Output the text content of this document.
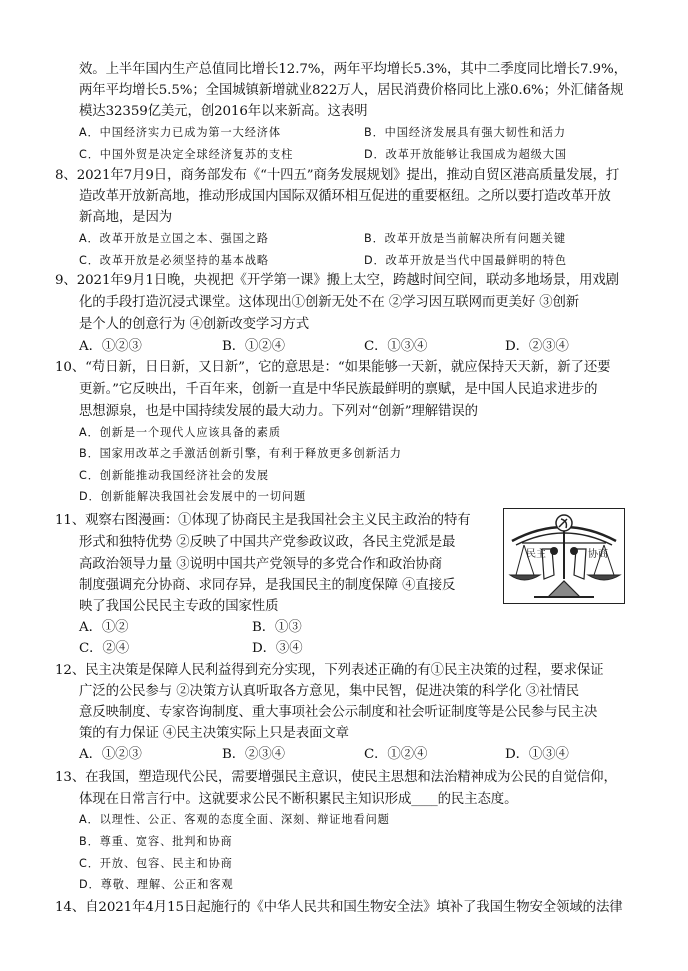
效。上半年国内生产总值同比增长12.7%，两年平均增长5.3%，其中二季度同比增长7.9%，
两年平均增长5.5%；全国城镇新增就业822万人，居民消费价格同比上涨0.6%；外汇储备规
模达32359亿美元，创2016年以来新高。这表明
A．中国经济实力已成为第一大经济体	B．中国经济发展具有强大韧性和活力
C．中国外贸是决定全球经济复苏的支柱	D．改革开放能够让我国成为超级大国
8、2021年7月9日，商务部发布《“十四五”商务发展规划》提出，推动自贸区港高质量发展，打
造改革开放新高地，推动形成国内国际双循环相互促进的重要枢纽。之所以要打造改革开放
新高地，是因为
A．改革开放是立国之本、强国之路	B．改革开放是当前解决所有问题关键
C．改革开放是必须坚持的基本战略	D．改革开放是当代中国最鲜明的特色
9、2021年9月1日晚，央视把《开学第一课》搬上太空，跨越时间空间，联动多地场景，用戏剧
化的手段打造沉浸式课堂。这体现出①创新无处不在 ②学习因互联网而更美好 ③创新
是个人的创意行为 ④创新改变学习方式
A．①②③	B．①②④	C．①③④	D．②③④
10、“苟日新，日日新，又日新”，它的意思是：“如果能够一天新，就应保持天天新，新了还要
更新。”它反映出，千百年来，创新一直是中华民族最鲜明的禀赋，是中国人民追求进步的
思想源泉，也是中国持续发展的最大动力。下列对“创新”理解错误的
A．创新是一个现代人应该具备的素质
B．国家用改革之手激活创新引擎，有利于释放更多创新活力
C．创新能推动我国经济社会的发展
D．创新能解决我国社会发展中的一切问题
11、观察右图漫画：①体现了协商民主是我国社会主义民主政治的特有
形式和独特优势 ②反映了中国共产党参政议政，各民主党派是最
高政治领导力量 ③说明中国共产党领导的多党合作和政治协商
制度强调充分协商、求同存异，是我国民主的制度保障 ④直接反
映了我国公民民主专政的国家性质
A．①②	B．①③
C．②④	D．③④
民主	协商
12、民主决策是保障人民利益得到充分实现，下列表述正确的有①民主决策的过程，要求保证
广泛的公民参与 ②决策方认真听取各方意见，集中民智，促进决策的科学化 ③社情民
意反映制度、专家咨询制度、重大事项社会公示制度和社会听证制度等是公民参与民主决
策的有力保证 ④民主决策实际上只是表面文章
A．①②③	B．②③④	C．①②④	D．①③④
13、在我国，塑造现代公民，需要增强民主意识，使民主思想和法治精神成为公民的自觉信仰，
体现在日常言行中。这就要求公民不断积累民主知识形成____的民主态度。
A．以理性、公正、客观的态度全面、深刻、辩证地看问题
B．尊重、宽容、批判和协商
C．开放、包容、民主和协商
D．尊敬、理解、公正和客观
14、自2021年4月15日起施行的《中华人民共和国生物安全法》填补了我国生物安全领域的法律
